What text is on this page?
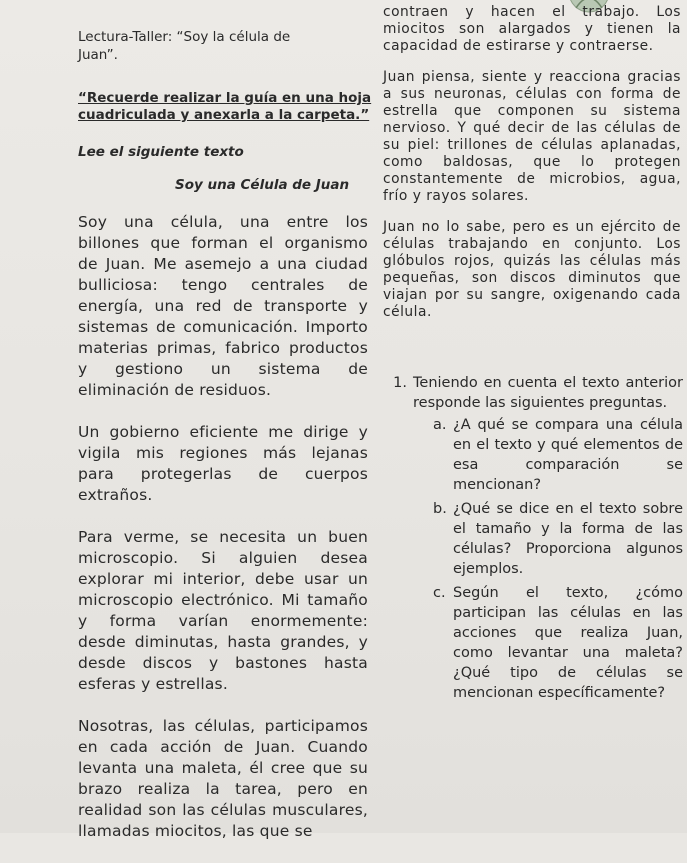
Lectura-Taller: “Soy la célula de

Juan”.

“Recuerde realizar la guía en una hoja cuadriculada y anexarla a la carpeta.”

Lee el siguiente texto

Soy una Célula de Juan

Soy una célula, una entre los billones que forman el organismo de Juan. Me asemejo a una ciudad bulliciosa: tengo centrales de energía, una red de transporte y sistemas de comunicación. Importo materias primas, fabrico productos y gestiono un sistema de eliminación de residuos.

Un gobierno eficiente me dirige y vigila mis regiones más lejanas para protegerlas de cuerpos extraños.

Para verme, se necesita un buen microscopio. Si alguien desea explorar mi interior, debe usar un microscopio electrónico. Mi tamaño y forma varían enormemente: desde diminutas, hasta grandes, y desde discos y bastones hasta esferas y estrellas.

Nosotras, las células, participamos en cada acción de Juan. Cuando levanta una maleta, él cree que su brazo realiza la tarea, pero en realidad son las células musculares, llamadas miocitos, las que se

contraen y hacen el trabajo. Los miocitos son alargados y tienen la capacidad de estirarse y contraerse.

Juan piensa, siente y reacciona gracias a sus neuronas, células con forma de estrella que componen su sistema nervioso. Y qué decir de las células de su piel: trillones de células aplanadas, como baldosas, que lo protegen constantemente de microbios, agua, frío y rayos solares.

Juan no lo sabe, pero es un ejército de células trabajando en conjunto. Los glóbulos rojos, quizás las células más pequeñas, son discos diminutos que viajan por su sangre, oxigenando cada célula.

1. Teniendo en cuenta el texto anterior responde las siguientes preguntas.
a. ¿A qué se compara una célula en el texto y qué elementos de esa comparación se mencionan?
b. ¿Qué se dice en el texto sobre el tamaño y la forma de las células? Proporciona algunos ejemplos.
c. Según el texto, ¿cómo participan las células en las acciones que realiza Juan, como levantar una maleta? ¿Qué tipo de células se mencionan específicamente?
